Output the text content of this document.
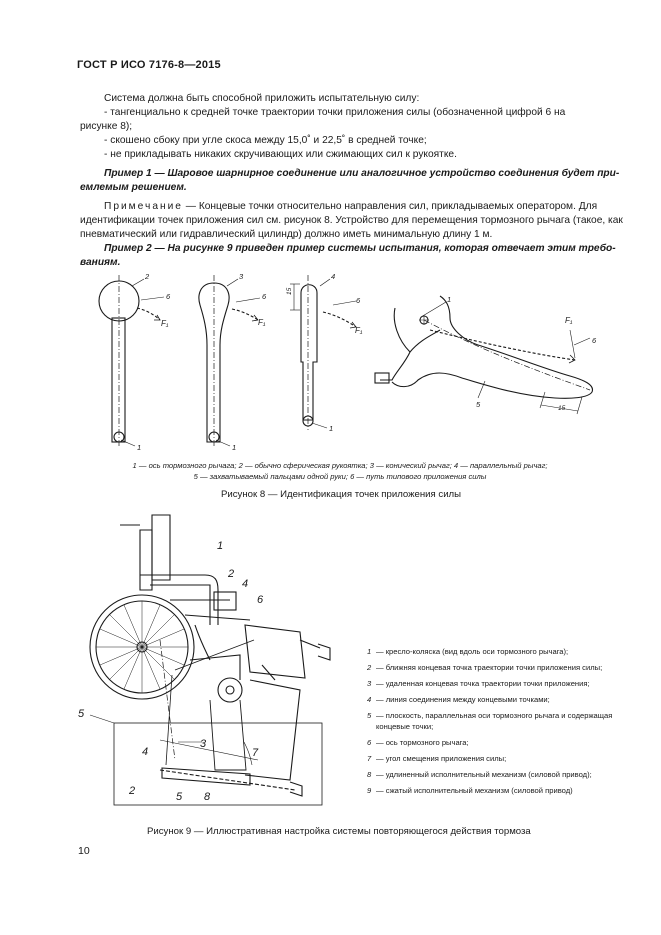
ГОСТ Р ИСО 7176-8—2015
Система должна быть способной приложить испытательную силу:
- тангенциально к средней точке траектории точки приложения силы (обозначенной цифрой 6 на
рисунке 8);
- скошено сбоку при угле скоса между 15,0˚ и 22,5˚ в средней точке;
- не прикладывать никаких скручивающих или сжимающих сил к рукоятке.
Пример 1 — Шаровое шарнирное соединение или аналогичное устройство соединения будет при-
емлемым решением.
Примечание — Концевые точки относительно направления сил, прикладываемых оператором. Для
идентификации точек приложения сил см. рисунок 8. Устройство для перемещения тормозного рычага (такое, как
пневматический или гидравлический цилиндр) должно иметь минимальную длину 1 м.
Пример 2 — На рисунке 9 приведен пример системы испытания, которая отвечает этим требо-
ваниям.
2
6
F₁
1
3
6
F₁
1
4
6
F₁
1
15
1
F₁
6
5	15
1 — ось тормозного рычага; 2 — обычно сферическая рукоятка; 3 — конический рычаг; 4 — параллельный рычаг;
5 — захватываемый пальцами одной руки; 6 — путь типового приложения силы
Рисунок 8 — Идентификация точек приложения силы
1
2
4
6
5
3
4	7
2	5 8
1 — кресло-коляска (вид вдоль оси тормозного рычага);
2 — ближняя концевая точка траектории точки приложения силы;
3 — удаленная концевая точка траектории точки приложения;
4 — линия соединения между концевыми точками;
5 — плоскость, параллельная оси тормозного рычага и содержащая концевые точки;
6 — ось тормозного рычага;
7 — угол смещения приложения силы;
8 — удлиненный исполнительный механизм (силовой привод);
9 — сжатый исполнительный механизм (силовой привод)
Рисунок 9 — Иллюстративная настройка системы повторяющегося действия тормоза
10
